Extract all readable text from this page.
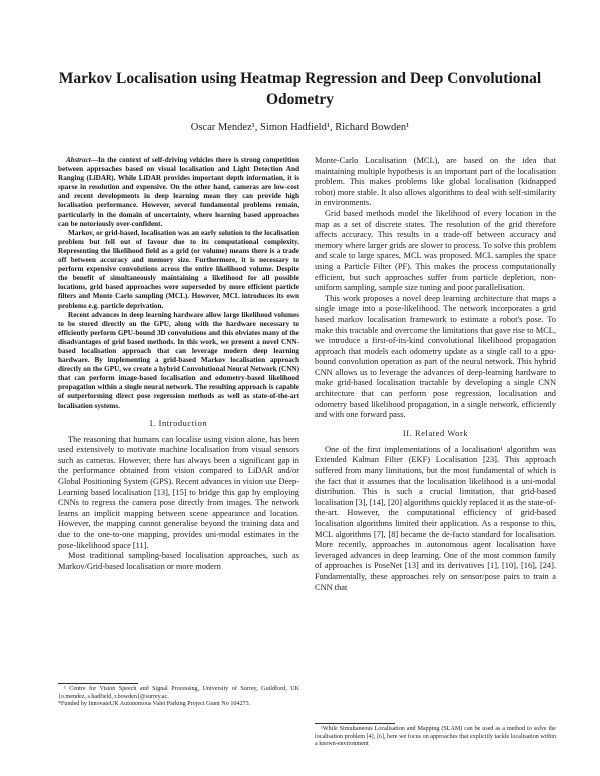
Markov Localisation using Heatmap Regression and Deep Convolutional Odometry
Oscar Mendez¹, Simon Hadfield¹, Richard Bowden¹

Abstract—In the context of self-driving vehicles there is strong competition between approaches based on visual localisation and Light Detection And Ranging (LiDAR). While LiDAR provides important depth information, it is sparse in resolution and expensive. On the other hand, cameras are low-cost and recent developments in deep learning mean they can provide high localisation performance. However, several fundamental problems remain, particularly in the domain of uncertainty, where learning based approaches can be notoriously over-confident.

Markov, or grid-based, localisation was an early solution to the localisation problem but fell out of favour due to its computational complexity. Representing the likelihood field as a grid (or volume) means there is a trade off between accuracy and memory size. Furthermore, it is necessary to perform expensive convolutions across the entire likelihood volume. Despite the benefit of simultaneously maintaining a likelihood for all possible locations, grid based approaches were superseded by more efficient particle filters and Monte Carlo sampling (MCL). However, MCL introduces its own problems e.g. particle deprivation.

Recent advances in deep learning hardware allow large likelihood volumes to be stored directly on the GPU, along with the hardware necessary to efficiently perform GPU-bound 3D convolutions and this obviates many of the disadvantages of grid based methods. In this work, we present a novel CNN-based localisation approach that can leverage modern deep learning hardware. By implementing a grid-based Markov localisation approach directly on the GPU, we create a hybrid Convolutional Neural Network (CNN) that can perform image-based localisation and odometry-based likelihood propagation within a single neural network. The resulting approach is capable of outperforming direct pose regression methods as well as state-of-the-art localisation systems.

I. Introduction

The reasoning that humans can localise using vision alone, has been used extensively to motivate machine localisation from visual sensors such as cameras. However, there has always been a significant gap in the performance obtained from vision compared to LiDAR and/or Global Positioning System (GPS). Recent advances in vision use Deep-Learning based localisation [13], [15] to bridge this gap by employing CNNs to regress the camera pose directly from images. The network learns an implicit mapping between scene appearance and location. However, the mapping cannot generalise beyond the training data and due to the one-to-one mapping, provides uni-modal estimates in the pose-likelihood space [11].

Most traditional sampling-based localisation approaches, such as Markov/Grid-based localisation or more modern

¹ Centre for Vision Speech and Signal Processing, University of Surrey, Guildford, UK {o.mendez, s.hadfield, r.bowden}@surrey.ac.

*Funded by InnovateUK Autonomous Valet Parking Project Grant No 104273.

Monte-Carlo Localisation (MCL), are based on the idea that maintaining multiple hypothesis is an important part of the localisation problem. This makes problems like global localisation (kidnapped robot) more stable. It also allows algorithms to deal with self-similarity in environments.

Grid based methods model the likelihood of every location in the map as a set of discrete states. The resolution of the grid therefore affects accuracy. This results in a trade-off between accuracy and memory where larger grids are slower to process. To solve this problem and scale to large spaces, MCL was proposed. MCL samples the space using a Particle Filter (PF). This makes the process computationally efficient, but such approaches suffer from particle depletion, non-uniform sampling, sample size tuning and poor parallelisation.

This work proposes a novel deep learning architecture that maps a single image into a pose-likelihood. The network incorporates a grid based markov localisation framework to estimate a robot's pose. To make this tractable and overcome the limitations that gave rise to MCL, we introduce a first-of-its-kind convolutional likelihood propagation approach that models each odometry update as a single call to a gpu-bound convolution operation as part of the neural network. This hybrid CNN allows us to leverage the advances of deep-learning hardware to make grid-based localisation tractable by developing a single CNN architecture that can perform pose regression, localisation and odometry based likelihood propagation, in a single network, efficiently and with one forward pass.

II. Related Work

One of the first implementations of a localisation¹ algorithm was Extended Kalman Filter (EKF) Localisation [23]. This approach suffered from many limitations, but the most fundamental of which is the fact that it assumes that the localisation likelihood is a uni-modal distribution. This is such a crucial limitation, that grid-based localisation [3], [14], [20] algorithms quickly replaced it as the state-of-the-art. However, the computational efficiency of grid-based localisation algorithms limited their application. As a response to this, MCL algorithms [7], [8] became the de-facto standard for localisation. More recently, approaches in autonomous agent localisation have leveraged advances in deep learning. One of the most common family of approaches is PoseNet [13] and its derivatives [1], [10], [16], [24]. Fundamentally, these approaches rely on sensor/pose pairs to train a CNN that

¹While Simultaneous Localisation and Mapping (SLAM) can be used as a method to solve the localisation problem [4], [6], here we focus on approaches that explicitly tackle localisation within a known-environment
